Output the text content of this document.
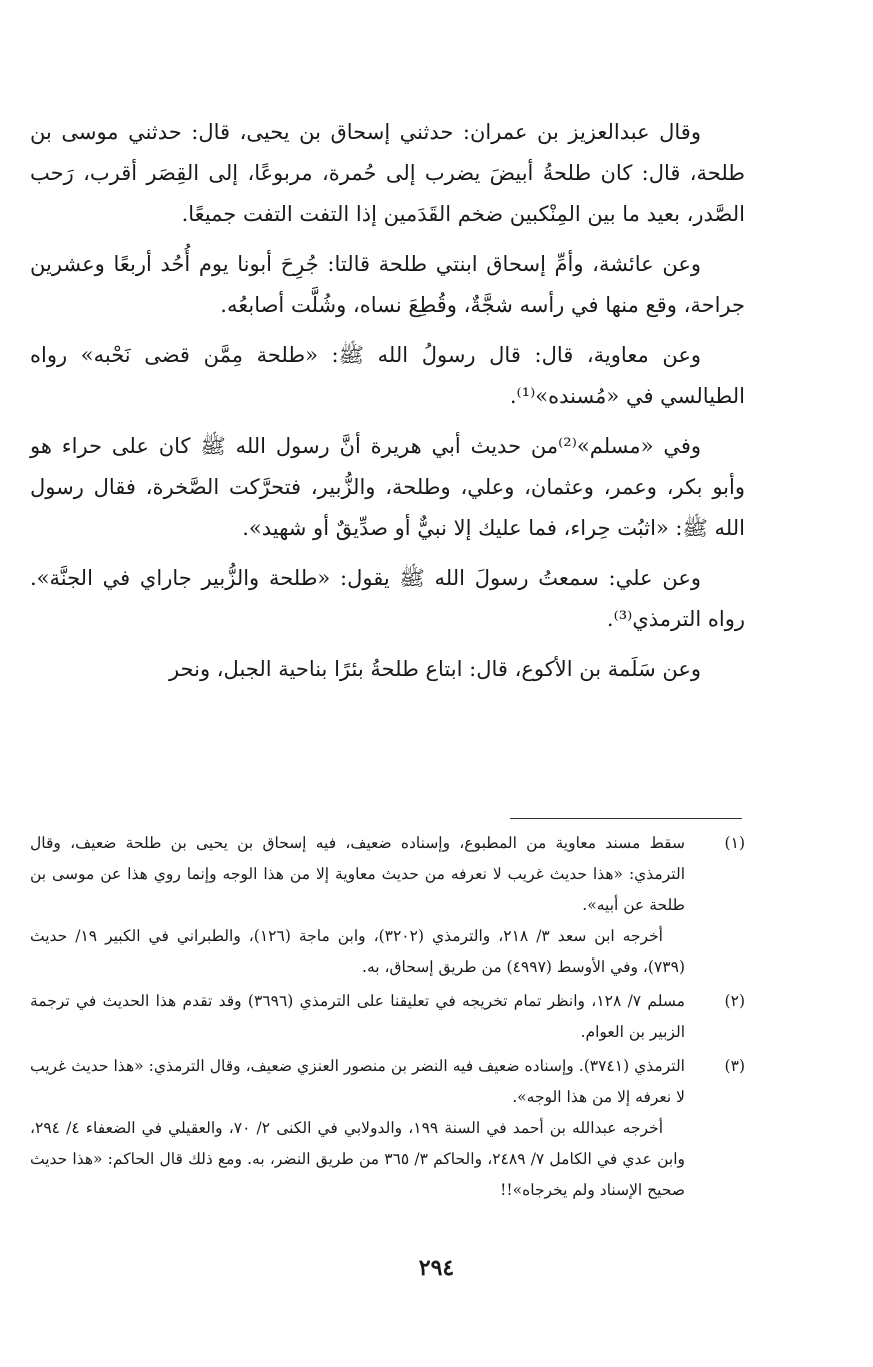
وقال عبدالعزيز بن عمران: حدثني إسحاق بن يحيى، قال: حدثني موسى بن طلحة، قال: كان طلحةُ أبيضَ يضرب إلى حُمرة، مربوعًا، إلى القِصَر أقرب، رَحب الصَّدر، بعيد ما بين المِنْكبين ضخم القَدَمين إذا التفت التفت جميعًا.

وعن عائشة، وأمِّ إسحاق ابنتي طلحة قالتا: جُرِحَ أبونا يوم أُحُد أربعًا وعشرين جراحة، وقع منها في رأسه شجَّةٌ، وقُطِعَ نساه، وشُلَّت أصابعُه.

وعن معاوية، قال: قال رسولُ الله ﷺ: «طلحة مِمَّن قضى نَحْبه» رواه الطيالسي في «مُسنده»⁽¹⁾.

وفي «مسلم»⁽²⁾من حديث أبي هريرة أنَّ رسول الله ﷺ كان على حراء هو وأبو بكر، وعمر، وعثمان، وعلي، وطلحة، والزُّبير، فتحرَّكت الصَّخرة، فقال رسول الله ﷺ: «اثبُت حِراء، فما عليك إلا نبيٌّ أو صدِّيقٌ أو شهيد».

وعن علي: سمعتُ رسولَ الله ﷺ يقول: «طلحة والزُّبير جاراي في الجنَّة». رواه الترمذي⁽³⁾.

وعن سَلَمة بن الأكوع، قال: ابتاع طلحةُ بئرًا بناحية الجبل، ونحر

(١)

سقط مسند معاوية من المطبوع، وإسناده ضعيف، فيه إسحاق بن يحيى بن طلحة ضعيف، وقال الترمذي: «هذا حديث غريب لا نعرفه من حديث معاوية إلا من هذا الوجه وإنما روي هذا عن موسى بن طلحة عن أبيه».

أخرجه ابن سعد ٣/ ٢١٨، والترمذي (٣٢٠٢)، وابن ماجة (١٢٦)، والطبراني في الكبير ١٩/ حديث (٧٣٩)، وفي الأوسط (٤٩٩٧) من طريق إسحاق، به.

(٢)

مسلم ٧/ ١٢٨، وانظر تمام تخريجه في تعليقنا على الترمذي (٣٦٩٦) وقد تقدم هذا الحديث في ترجمة الزبير بن العوام.

(٣)

الترمذي (٣٧٤١). وإسناده ضعيف فيه النضر بن منصور العنزي ضعيف، وقال الترمذي: «هذا حديث غريب لا نعرفه إلا من هذا الوجه».

أخرجه عبدالله بن أحمد في السنة ١٩٩، والدولابي في الكنى ٢/ ٧٠، والعقيلي في الضعفاء ٤/ ٢٩٤، وابن عدي في الكامل ٧/ ٢٤٨٩، والحاكم ٣/ ٣٦٥ من طريق النضر، به. ومع ذلك قال الحاكم: «هذا حديث صحيح الإسناد ولم يخرجاه»!!

٢٩٤
